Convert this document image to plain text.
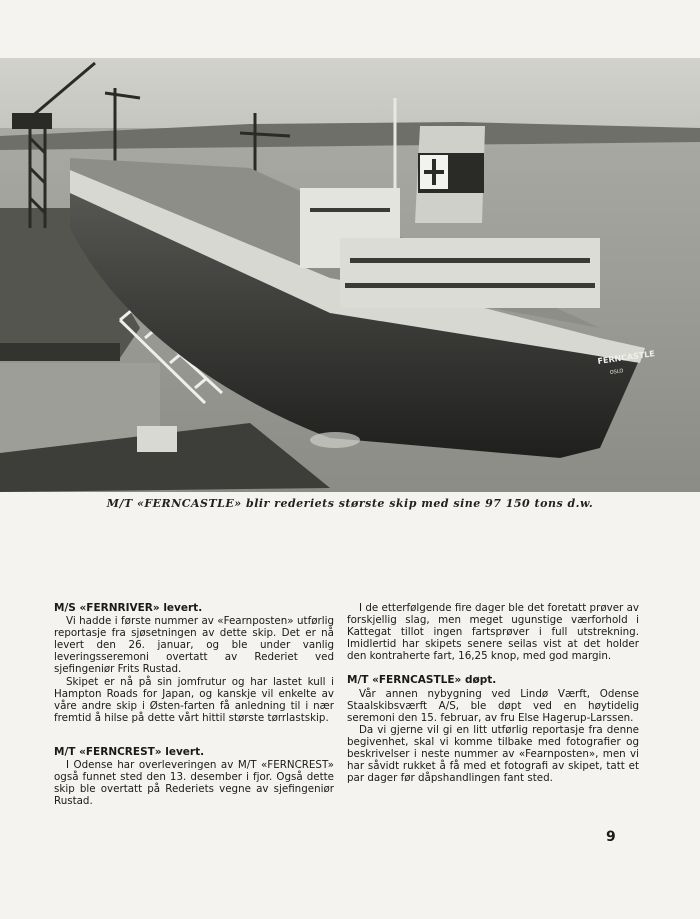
FERNCASTLE
OSLO
M/T «FERNCASTLE» blir rederiets største skip med sine 97 150 tons d.w.
M/S «FERNRIVER» levert.

Vi hadde i første nummer av «Fearnposten» utførlig reportasje fra sjøsetningen av dette skip. Det er nå levert den 26. januar, og ble under vanlig leveringsseremoni overtatt av Rederiet ved sjefingeniør Frits Rustad.

Skipet er nå på sin jomfrutur og har lastet kull i Hampton Roads for Japan, og kanskje vil enkelte av våre andre skip i Østen-farten få anledning til i nær fremtid å hilse på dette vårt hittil største tørrlastskip.

M/T «FERNCREST» levert.

I Odense har overleveringen av M/T «FERNCREST» også funnet sted den 13. desember i fjor. Også dette skip ble overtatt på Rederiets vegne av sjefingeniør Rustad.

I de etterfølgende fire dager ble det foretatt prøver av forskjellig slag, men meget ugunstige værforhold i Kattegat tillot ingen fartsprøver i full utstrekning. Imidlertid har skipets senere seilas vist at det holder den kontraherte fart, 16,25 knop, med god margin.

M/T «FERNCASTLE» døpt.

Vår annen nybygning ved Lindø Værft, Odense Staalskibsværft A/S, ble døpt ved en høytidelig seremoni den 15. februar, av fru Else Hagerup-Larssen.

Da vi gjerne vil gi en litt utførlig reportasje fra denne begivenhet, skal vi komme tilbake med fotografier og beskrivelser i neste nummer av «Fearnposten», men vi har såvidt rukket å få med et fotografi av skipet, tatt et par dager før dåpshandlingen fant sted.

9
